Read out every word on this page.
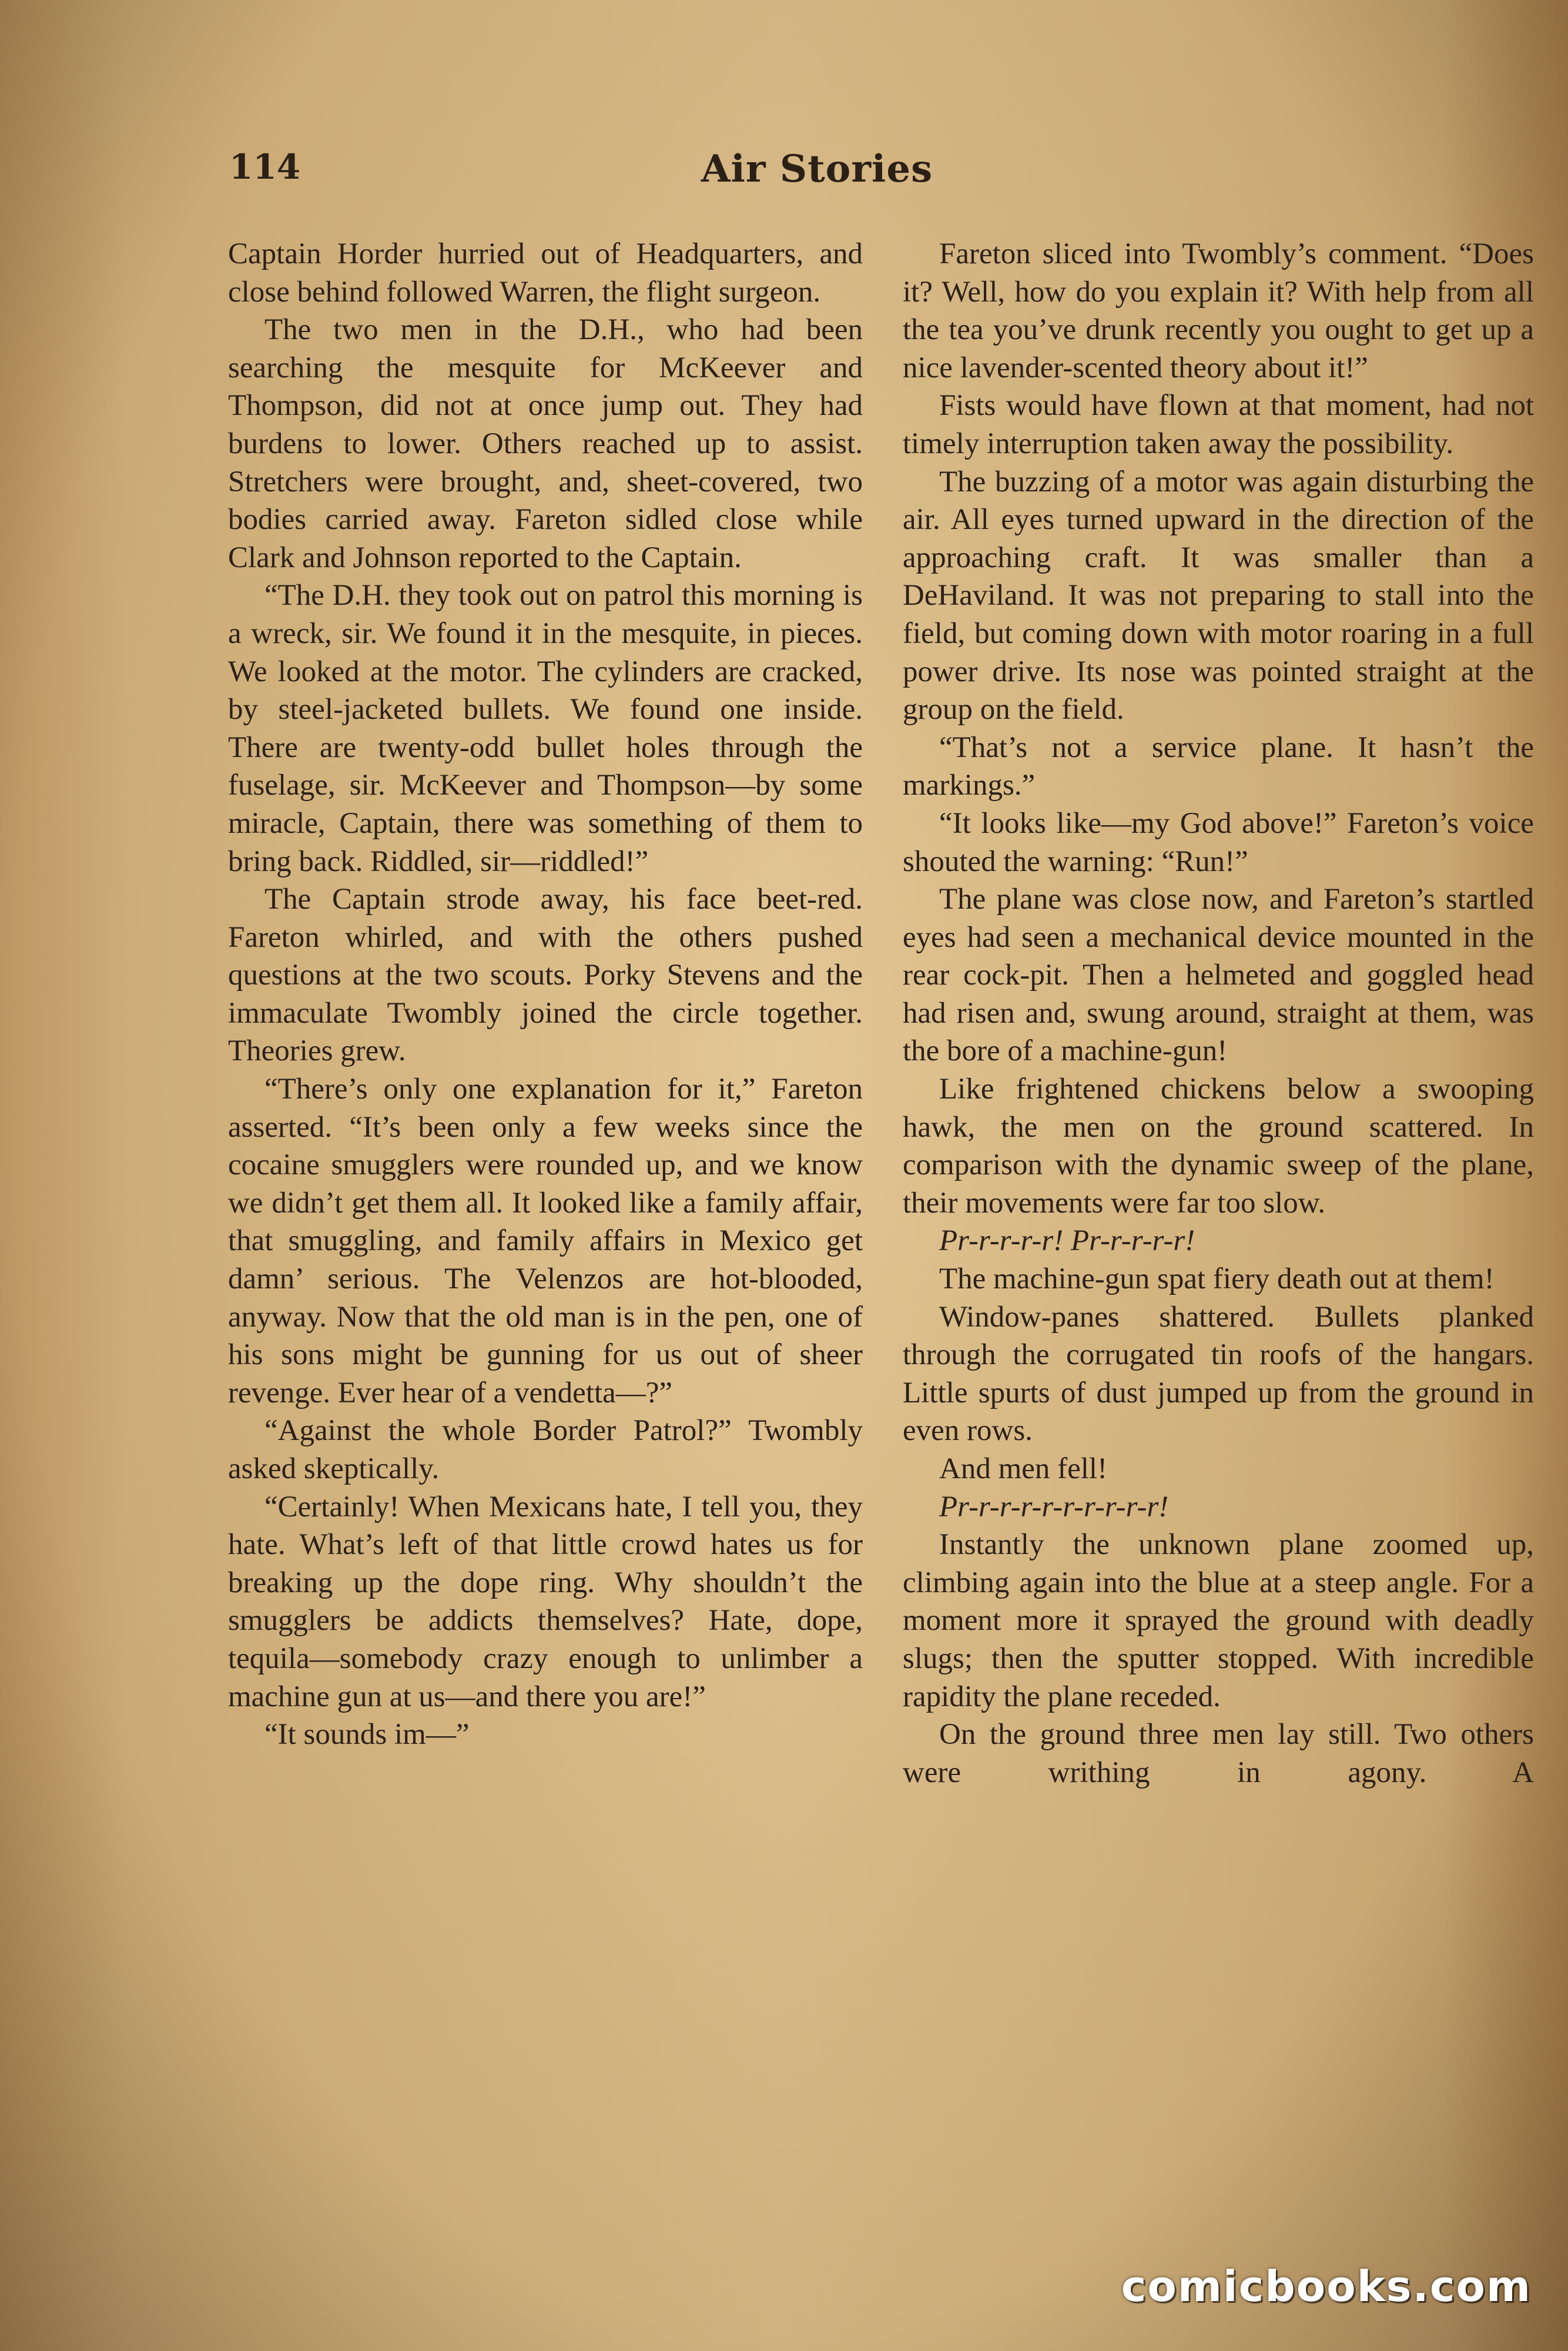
114	Air Stories

Captain Horder hurried out of Headquarters, and close behind followed Warren, the flight surgeon.

The two men in the D.H., who had been searching the mesquite for McKeever and Thompson, did not at once jump out. They had burdens to lower. Others reached up to assist. Stretchers were brought, and, sheet-covered, two bodies carried away. Fareton sidled close while Clark and Johnson reported to the Captain.

“The D.H. they took out on patrol this morning is a wreck, sir. We found it in the mesquite, in pieces. We looked at the motor. The cylinders are cracked, by steel-jacketed bullets. We found one inside. There are twenty-odd bullet holes through the fuselage, sir. McKeever and Thompson—by some miracle, Captain, there was something of them to bring back. Riddled, sir—riddled!”

The Captain strode away, his face beet-red. Fareton whirled, and with the others pushed questions at the two scouts. Porky Stevens and the immaculate Twombly joined the circle together. Theories grew.

“There’s only one explanation for it,” Fareton asserted. “It’s been only a few weeks since the cocaine smugglers were rounded up, and we know we didn’t get them all. It looked like a family affair, that smuggling, and family affairs in Mexico get damn’ serious. The Velenzos are hot-blooded, anyway. Now that the old man is in the pen, one of his sons might be gunning for us out of sheer revenge. Ever hear of a vendetta—?”

“Against the whole Border Patrol?” Twombly asked skeptically.

“Certainly! When Mexicans hate, I tell you, they hate. What’s left of that little crowd hates us for breaking up the dope ring. Why shouldn’t the smugglers be addicts themselves? Hate, dope, tequila—somebody crazy enough to unlimber a machine gun at us—and there you are!”

“It sounds im—”

Fareton sliced into Twombly’s comment. “Does it? Well, how do you explain it? With help from all the tea you’ve drunk recently you ought to get up a nice lavender-scented theory about it!”

Fists would have flown at that moment, had not timely interruption taken away the possibility.

The buzzing of a motor was again disturbing the air. All eyes turned upward in the direction of the approaching craft. It was smaller than a DeHaviland. It was not preparing to stall into the field, but coming down with motor roaring in a full power drive. Its nose was pointed straight at the group on the field.

“That’s not a service plane. It hasn’t the markings.”

“It looks like—my God above!” Fareton’s voice shouted the warning: “Run!”

The plane was close now, and Fareton’s startled eyes had seen a mechanical device mounted in the rear cock-pit. Then a helmeted and goggled head had risen and, swung around, straight at them, was the bore of a machine-gun!

Like frightened chickens below a swooping hawk, the men on the ground scattered. In comparison with the dynamic sweep of the plane, their movements were far too slow.

Pr-r-r-r-r! Pr-r-r-r-r!

The machine-gun spat fiery death out at them!

Window-panes shattered. Bullets planked through the corrugated tin roofs of the hangars. Little spurts of dust jumped up from the ground in even rows.

And men fell!

Pr-r-r-r-r-r-r-r-r-r!

Instantly the unknown plane zoomed up, climbing again into the blue at a steep angle. For a moment more it sprayed the ground with deadly slugs; then the sputter stopped. With incredible rapidity the plane receded.

On the ground three men lay still. Two others were writhing in agony. A

comicbooks.com
